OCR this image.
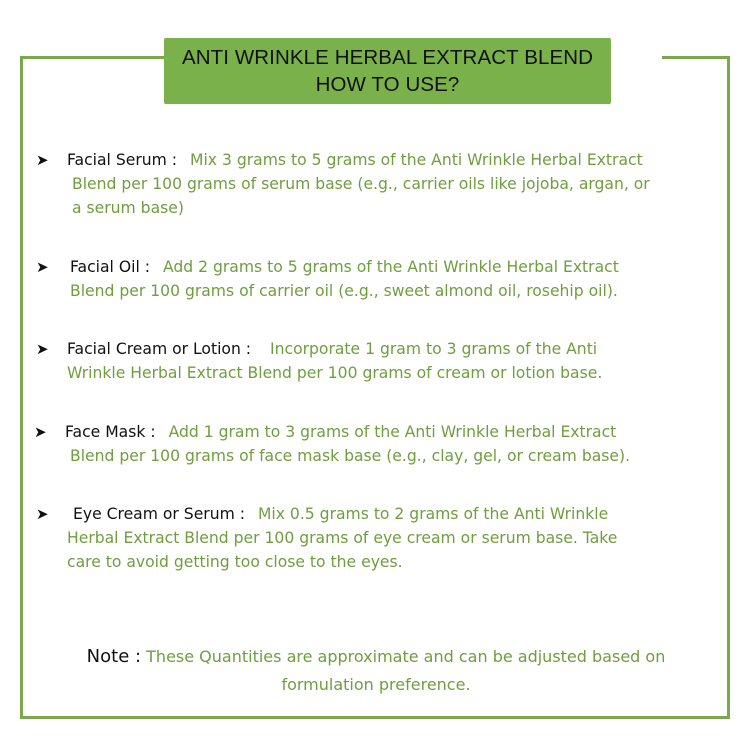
ANTI WRINKLE HERBAL EXTRACT BLEND
HOW TO USE?
➤	Facial Serum : Mix 3 grams to 5 grams of the Anti Wrinkle Herbal Extract
Blend per 100 grams of serum base (e.g., carrier oils like jojoba, argan, or
a serum base)
➤	Facial Oil : Add 2 grams to 5 grams of the Anti Wrinkle Herbal Extract
Blend per 100 grams of carrier oil (e.g., sweet almond oil, rosehip oil).
➤	Facial Cream or Lotion : Incorporate 1 gram to 3 grams of the Anti
Wrinkle Herbal Extract Blend per 100 grams of cream or lotion base.
➤	Face Mask : Add 1 gram to 3 grams of the Anti Wrinkle Herbal Extract
Blend per 100 grams of face mask base (e.g., clay, gel, or cream base).
➤	Eye Cream or Serum : Mix 0.5 grams to 2 grams of the Anti Wrinkle
Herbal Extract Blend per 100 grams of eye cream or serum base. Take
care to avoid getting too close to the eyes.
Note : These Quantities are approximate and can be adjusted based on
formulation preference.
